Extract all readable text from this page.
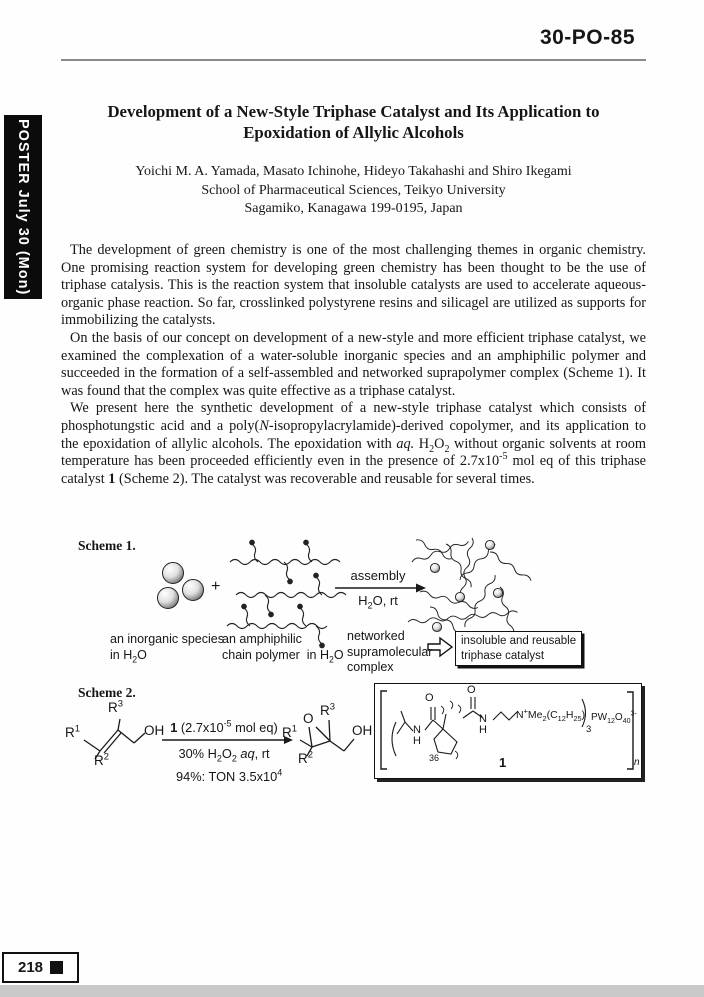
30-PO-85
POSTER July 30 (Mon)
Development of a New-Style Triphase Catalyst and Its Application to
Epoxidation of Allylic Alcohols
Yoichi M. A. Yamada, Masato Ichinohe, Hideyo Takahashi and Shiro Ikegami
School of Pharmaceutical Sciences, Teikyo University
Sagamiko, Kanagawa 199-0195, Japan

The development of green chemistry is one of the most challenging themes in organic chemistry. One promising reaction system for developing green chemistry has been thought to be the use of triphase catalysis. This is the reaction system that insoluble catalysts are used to accelerate aqueous-organic phase reaction. So far, crosslinked polystyrene resins and silicagel are utilized as supports for immobilizing the catalysts.

On the basis of our concept on development of a new-style and more efficient triphase catalyst, we examined the complexation of a water-soluble inorganic species and an amphiphilic polymer and succeeded in the formation of a self-assembled and networked suprapolymer complex (Scheme 1). It was found that the complex was quite effective as a triphase catalyst.

We present here the synthetic development of a new-style triphase catalyst which consists of phosphotungstic acid and a poly(N-isopropylacrylamide)-derived copolymer, and its application to the epoxidation of allylic alcohols. The epoxidation with aq. $H_2O_2$ without organic solvents at room temperature has been proceeded efficiently even in the presence of $2.7x10^{-5}$ mol eq of this triphase catalyst 1 (Scheme 2). The catalyst was recoverable and reusable for several times.

Scheme 1.
+
assembly
$H_2O$, rt
an inorganic species
in $H_2O$
an amphiphilic
chain polymer  in $H_2O$
networked
supramolecular
complex
insoluble and reusable
triphase catalyst
Scheme 2.
$R^1$
$R^3$
$R^2$
OH 1 ($2.7x10^{-5}$ mol eq)
30% $H_2O_2$ aq, rt
94%: TON $3.5x10^4$
$R^1$
O
$R^3$
$R^2$
OH
O
N
H
O
N
H
$N^+Me_2(C_{12}H_{25})$
3
$PW_{12}O_{40}^{3-}$
36	1	n
218
